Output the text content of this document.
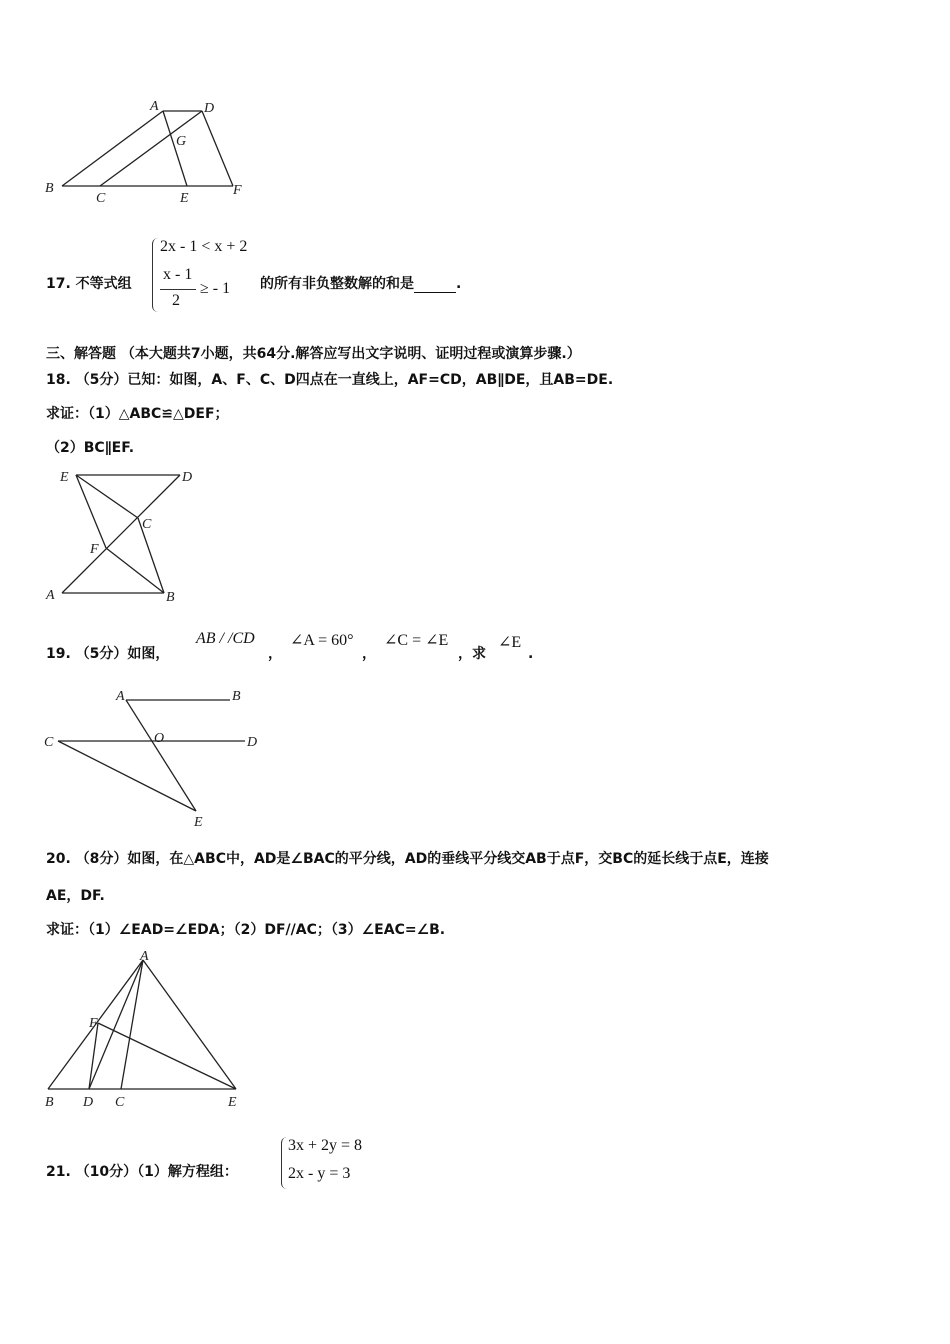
A	D
G
B
C	E
F
17. 不等式组
2x - 1 < x + 2
x - 1
2
≥ - 1 的所有非负整数解的和是	.
三、解答题 （本大题共7小题，共64分.解答应写出文字说明、证明过程或演算步骤.）
18. （5分）已知：如图，A、F、C、D四点在一直线上，AF=CD，AB∥DE，且AB=DE.
求证：（1）△ABC≌△DEF；
（2）BC∥EF.
E	D
C
F
A	B
19. （5分）如图，
AB / /CD
，
∠A = 60°
，
∠C = ∠E
，求
∠E
.
A	B
C	O	D
E
20. （8分）如图，在△ABC中，AD是∠BAC的平分线，AD的垂线平分线交AB于点F，交BC的延长线于点E，连接
AE，DF.
求证：（1）∠EAD=∠EDA；（2）DF//AC；（3）∠EAC=∠B.
A
F
B D C	E
21. （10分）（1）解方程组：
3x + 2y = 8
2x - y = 3
